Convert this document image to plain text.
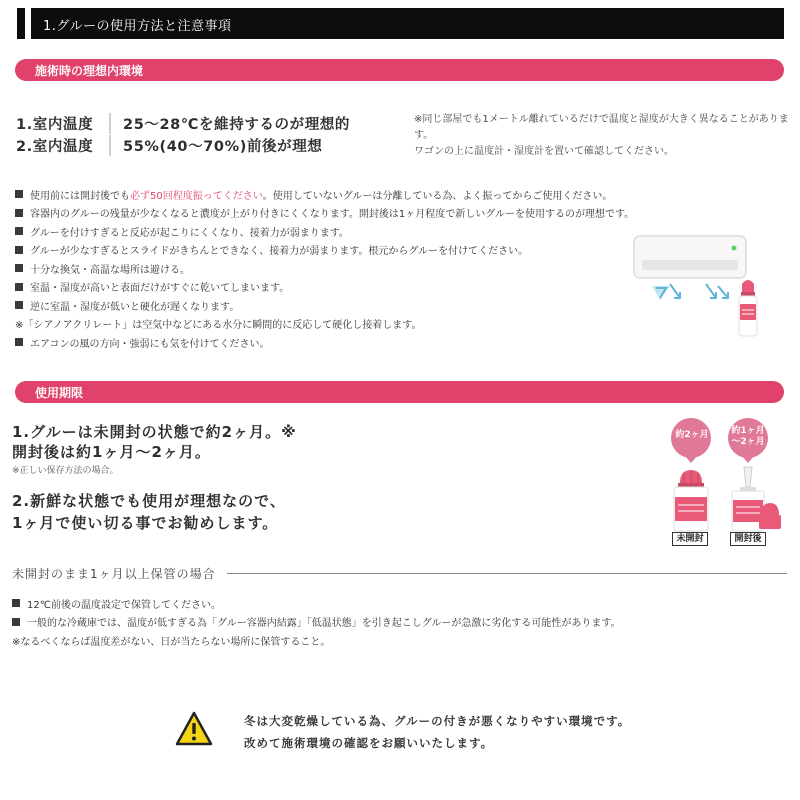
1.グルーの使用方法と注意事項
施術時の理想内環境
1.室内温度 25〜28℃を維持するのが理想的
2.室内温度 55%(40〜70%)前後が理想
※同じ部屋でも1メートル離れているだけで温度と湿度が大きく異なることがありま
す。
ワゴンの上に温度計・湿度計を置いて確認してください。
使用前には開封後でも 必ず50回程度振ってください 。使用していないグルーは分離している為、よく振ってからご使用ください。
容器内のグルーの残量が少なくなると濃度が上がり付きにくくなります。開封後は1ヶ月程度で新しいグルーを使用するのが理想です。
グルーを付けすぎると反応が起こりにくくなり、接着力が弱まります。
グルーが少なすぎるとスライドがきちんとできなく、接着力が弱まります。根元からグルーを付けてください。
十分な換気・高温な場所は避ける。
室温・湿度が高いと表面だけがすぐに乾いてしまいます。
逆に室温・湿度が低いと硬化が遅くなります。
※「シアノアクリレート」は空気中などにある水分に瞬間的に反応して硬化し接着します。
エアコンの風の方向・強弱にも気を付けてください。
使用期限
1.グルーは未開封の状態で約2ヶ月。※
開封後は約1ヶ月〜2ヶ月。
※正しい保存方法の場合。
2.新鮮な状態でも使用が理想なので、
1ヶ月で使い切る事でお勧めします。
約2ヶ月	約1ヶ月
〜2ヶ月
未開封	開封後
未開封のまま1ヶ月以上保管の場合
12℃前後の温度設定で保管してください。
一般的な冷蔵庫では、温度が低すぎる為「グルー容器内結露」「低温状態」を引き起こしグルーが急激に劣化する可能性があります。
※なるべくならば温度差がない、日が当たらない場所に保管すること。
冬は大変乾燥している為、グルーの付きが悪くなりやすい環境です。
改めて施術環境の確認をお願いいたします。
